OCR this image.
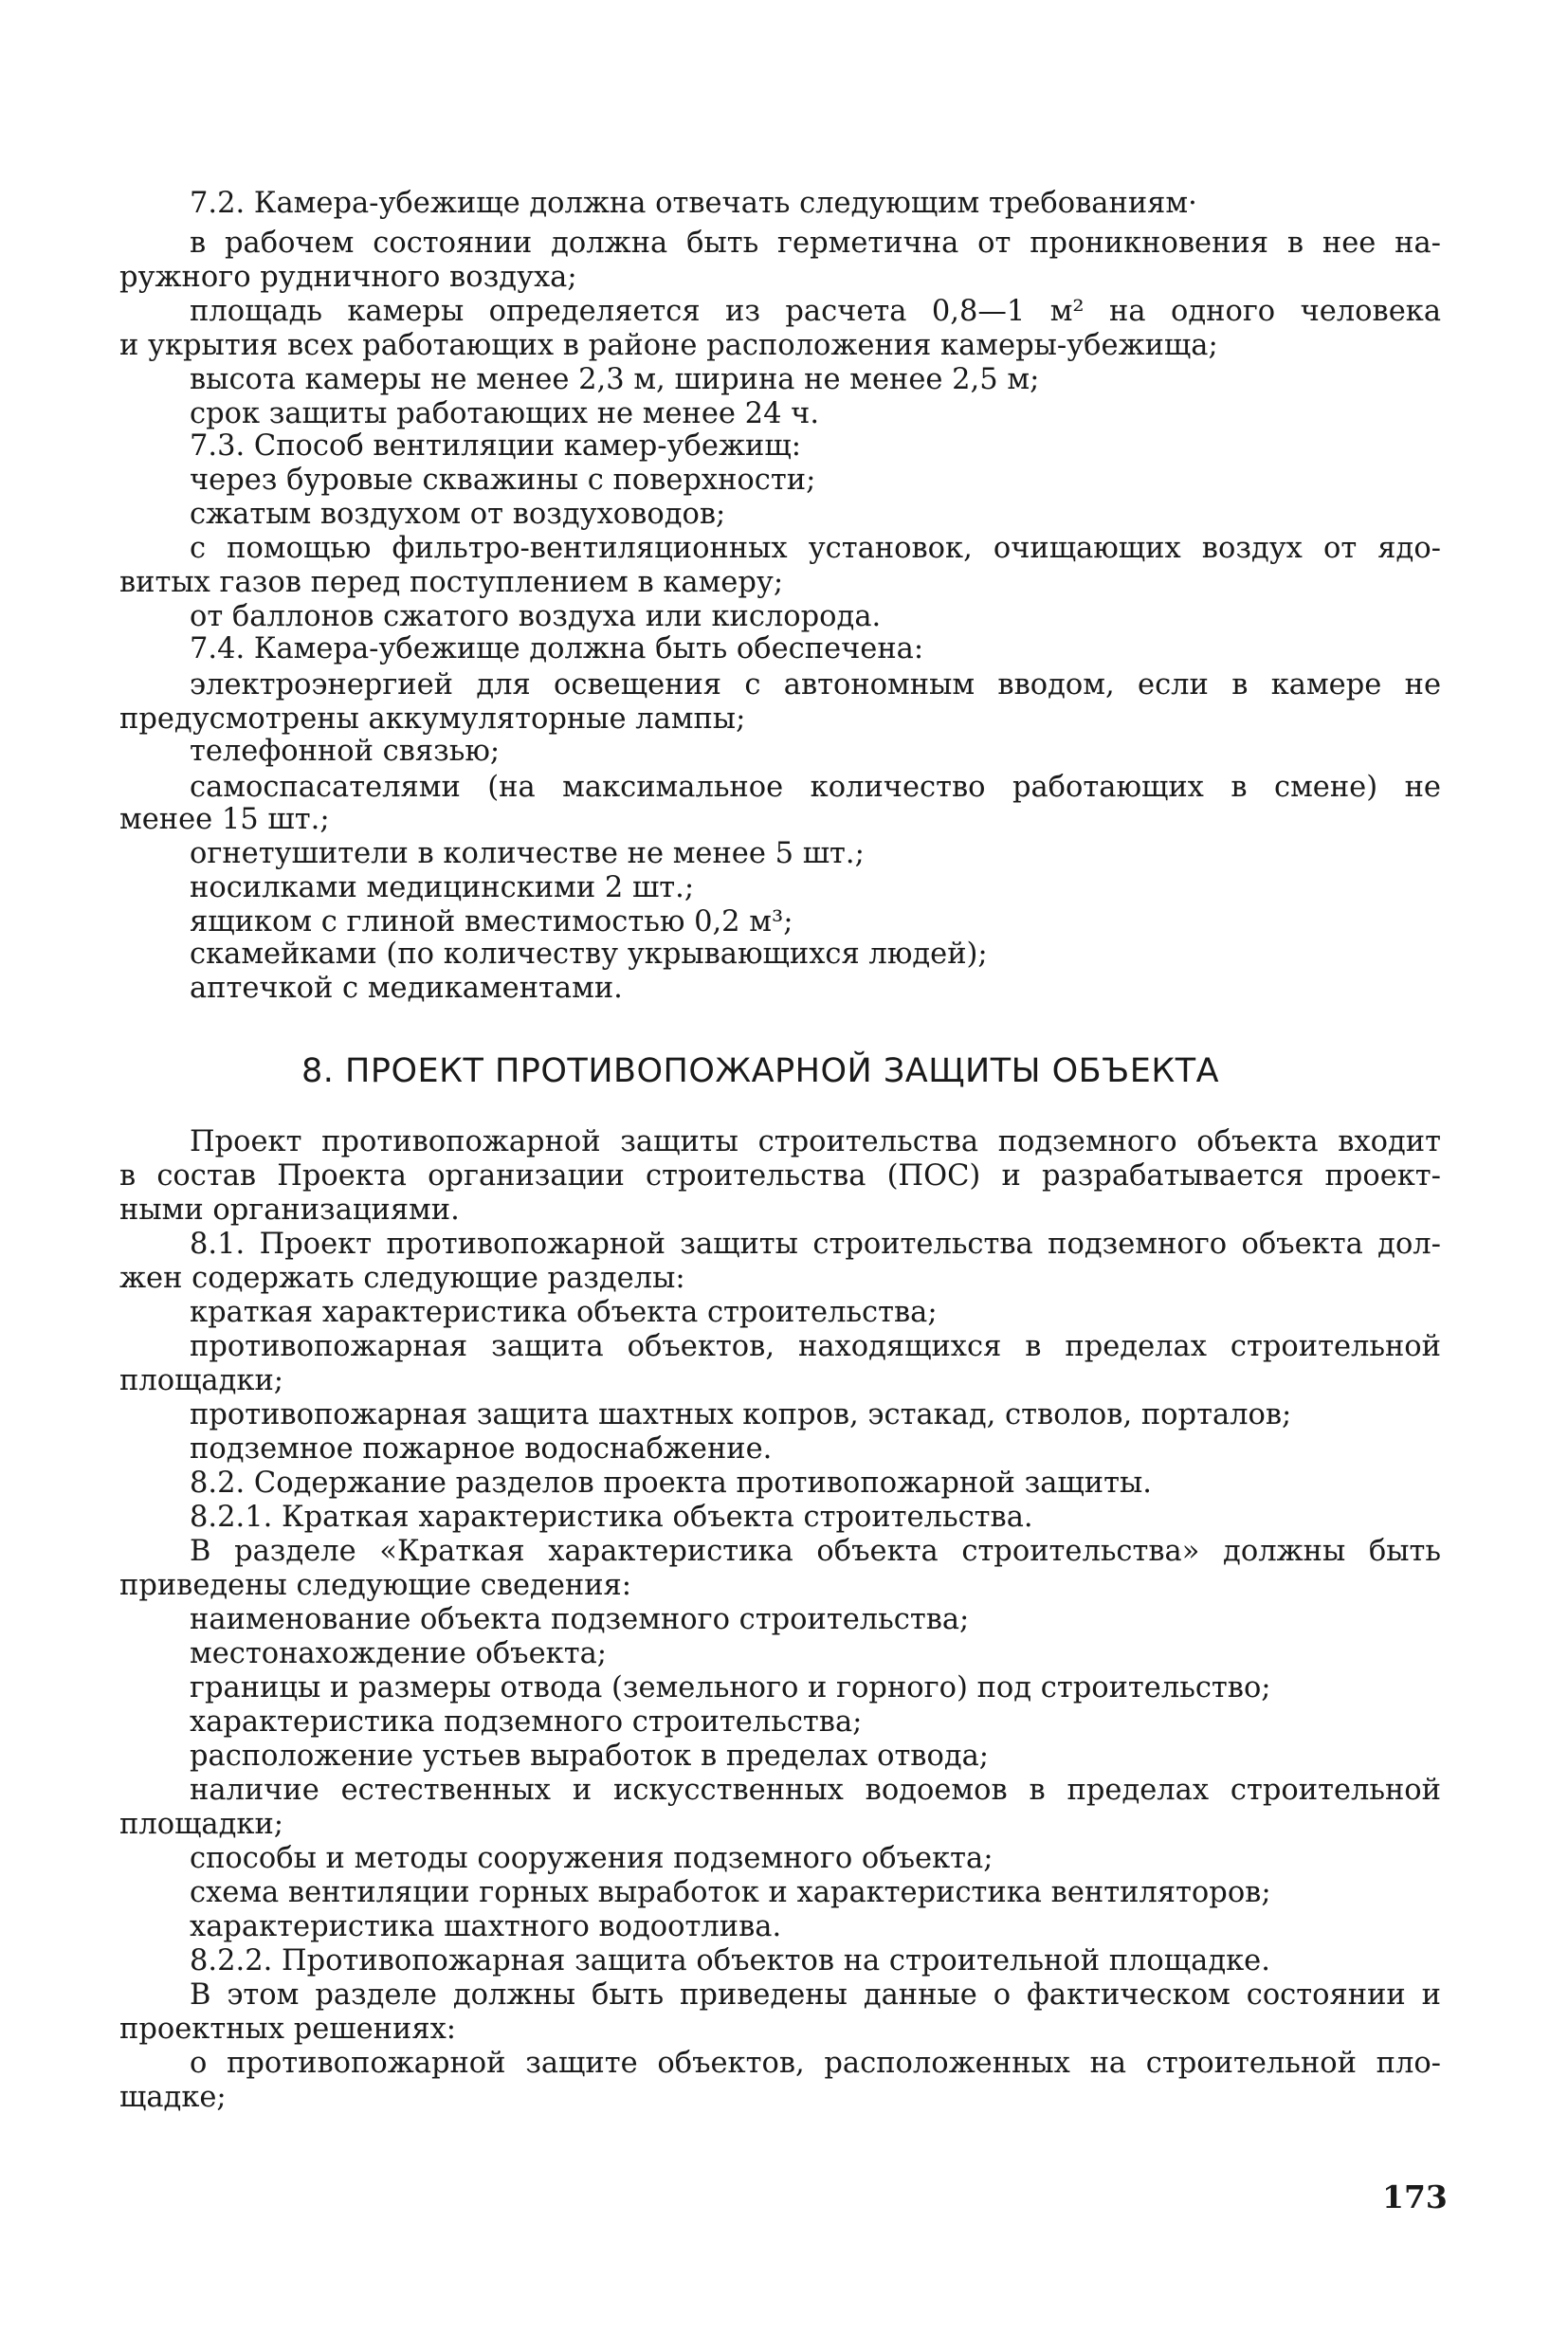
7.2. Камера-убежище должна отвечать следующим требованиям·
в рабочем состоянии должна быть герметична от проникновения в нее на-
ружного рудничного воздуха;
площадь камеры определяется из расчета 0,8—1 м² на одного человека
и укрытия всех работающих в районе расположения камеры-убежища;
высота камеры не менее 2,3 м, ширина не менее 2,5 м;
срок защиты работающих не менее 24 ч.
7.3. Способ вентиляции камер-убежищ:
через буровые скважины с поверхности;
сжатым воздухом от воздуховодов;
с помощью фильтро-вентиляционных установок, очищающих воздух от ядо-
витых газов перед поступлением в камеру;
от баллонов сжатого воздуха или кислорода.
7.4. Камера-убежище должна быть обеспечена:
электроэнергией для освещения с автономным вводом, если в камере не
предусмотрены аккумуляторные лампы;
телефонной связью;
самоспасателями (на максимальное количество работающих в смене) не
менее 15 шт.;
огнетушители в количестве не менее 5 шт.;
носилками медицинскими 2 шт.;
ящиком с глиной вместимостью 0,2 м³;
скамейками (по количеству укрывающихся людей);
аптечкой с медикаментами.
8. ПРОЕКТ ПРОТИВОПОЖАРНОЙ ЗАЩИТЫ ОБЪЕКТА
Проект противопожарной защиты строительства подземного объекта входит
в состав Проекта организации строительства (ПОС) и разрабатывается проект-
ными организациями.
8.1. Проект противопожарной защиты строительства подземного объекта дол-
жен содержать следующие разделы:
краткая характеристика объекта строительства;
противопожарная защита объектов, находящихся в пределах строительной
площадки;
противопожарная защита шахтных копров, эстакад, стволов, порталов;
подземное пожарное водоснабжение.
8.2. Содержание разделов проекта противопожарной защиты.
8.2.1. Краткая характеристика объекта строительства.
В разделе «Краткая характеристика объекта строительства» должны быть
приведены следующие сведения:
наименование объекта подземного строительства;
местонахождение объекта;
границы и размеры отвода (земельного и горного) под строительство;
характеристика подземного строительства;
расположение устьев выработок в пределах отвода;
наличие естественных и искусственных водоемов в пределах строительной
площадки;
способы и методы сооружения подземного объекта;
схема вентиляции горных выработок и характеристика вентиляторов;
характеристика шахтного водоотлива.
8.2.2. Противопожарная защита объектов на строительной площадке.
В этом разделе должны быть приведены данные о фактическом состоянии и
проектных решениях:
о противопожарной защите объектов, расположенных на строительной пло-
щадке;
173
